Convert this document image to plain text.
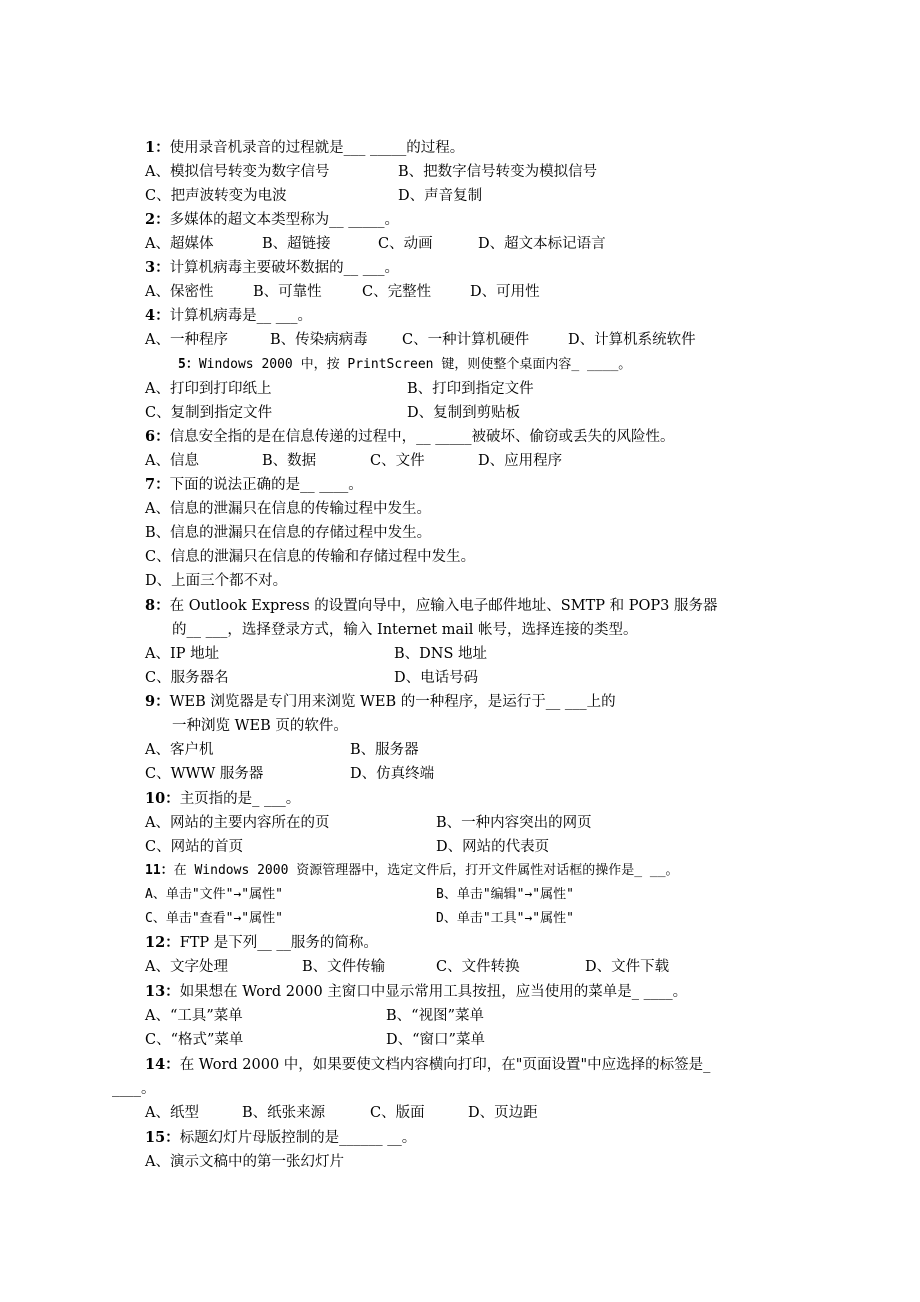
1：使用录音机录音的过程就是___ _____的过程。
A、模拟信号转变为数字信号	B、把数字信号转变为模拟信号
C、把声波转变为电波	D、声音复制
2：多媒体的超文本类型称为__ _____。
A、超媒体	B、超链接	C、动画	D、超文本标记语言
3：计算机病毒主要破坏数据的__ ___。
A、保密性	B、可靠性	C、完整性	D、可用性
4：计算机病毒是__ ___。
A、一种程序	B、传染病病毒 C、一种计算机硬件	D、计算机系统软件
5：Windows 2000 中，按 PrintScreen 键，则使整个桌面内容_ ____。
A、打印到打印纸上	B、打印到指定文件
C、复制到指定文件	D、复制到剪贴板
6：信息安全指的是在信息传递的过程中，__ _____被破坏、偷窃或丢失的风险性。
A、信息	B、数据	C、文件	D、应用程序
7：下面的说法正确的是__ ____。
A、信息的泄漏只在信息的传输过程中发生。
B、信息的泄漏只在信息的存储过程中发生。
C、信息的泄漏只在信息的传输和存储过程中发生。
D、上面三个都不对。
8：在 Outlook Express 的设置向导中，应输入电子邮件地址、SMTP 和 POP3 服务器
的__ ___，选择登录方式，输入 Internet mail 帐号，选择连接的类型。
A、IP 地址	B、DNS 地址
C、服务器名	D、电话号码
9：WEB 浏览器是专门用来浏览 WEB 的一种程序，是运行于__ ___上的
一种浏览 WEB 页的软件。
A、客户机	B、服务器
C、WWW 服务器	D、仿真终端
10：主页指的是_ ___。
A、网站的主要内容所在的页	B、一种内容突出的网页
C、网站的首页	D、网站的代表页
11：在 Windows 2000 资源管理器中，选定文件后，打开文件属性对话框的操作是_ __。
A、单击"文件"→"属性"	B、单击"编辑"→"属性"
C、单击"查看"→"属性"	D、单击"工具"→"属性"
12：FTP 是下列__ __服务的简称。
A、文字处理	B、文件传输	C、文件转换	D、文件下载
13：如果想在 Word 2000 主窗口中显示常用工具按扭，应当使用的菜单是_ ____。
A、“工具”菜单	B、“视图”菜单
C、“格式”菜单	D、“窗口”菜单
14：在 Word 2000 中，如果要使文档内容横向打印，在"页面设置"中应选择的标签是_
____。
A、纸型	B、纸张来源	C、版面	D、页边距
15：标题幻灯片母版控制的是______ __。
A、演示文稿中的第一张幻灯片
